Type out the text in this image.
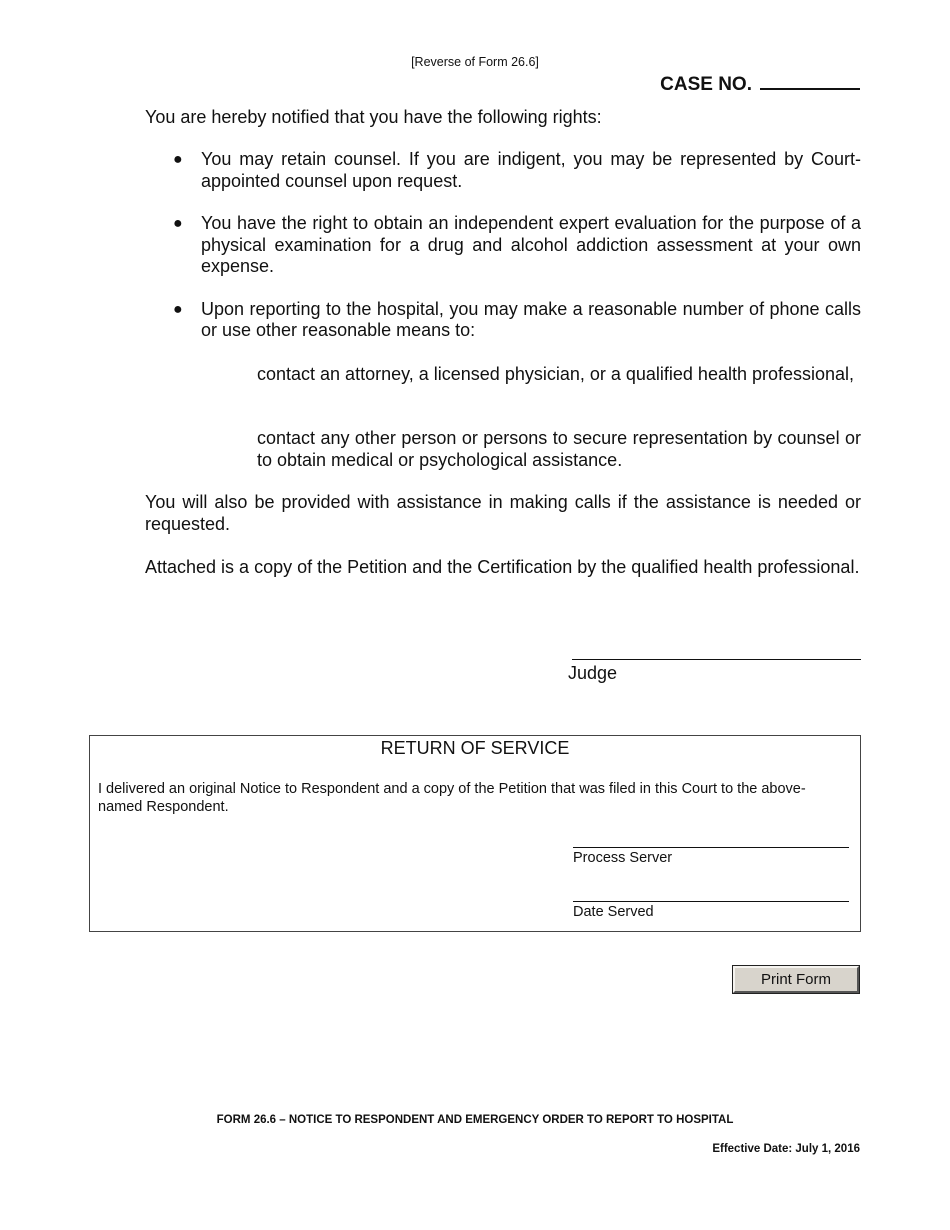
[Reverse of Form 26.6]
CASE NO.

You are hereby notified that you have the following rights:

● You may retain counsel. If you are indigent, you may be represented by Court-appointed counsel upon request.
● You have the right to obtain an independent expert evaluation for the purpose of a physical examination for a drug and alcohol addiction assessment at your own expense.
● Upon reporting to the hospital, you may make a reasonable number of phone calls or use other reasonable means to:

contact an attorney, a licensed physician, or a qualified health professional,

contact any other person or persons to secure representation by counsel or to obtain medical or psychological assistance.

You will also be provided with assistance in making calls if the assistance is needed or requested.

Attached is a copy of the Petition and the Certification by the qualified health professional.

Judge
RETURN OF SERVICE

I delivered an original Notice to Respondent and a copy of the Petition that was filed in this Court to the above-named Respondent.

Process Server
Date Served
Print Form
FORM 26.6 – NOTICE TO RESPONDENT AND EMERGENCY ORDER TO REPORT TO HOSPITAL
Effective Date: July 1, 2016
